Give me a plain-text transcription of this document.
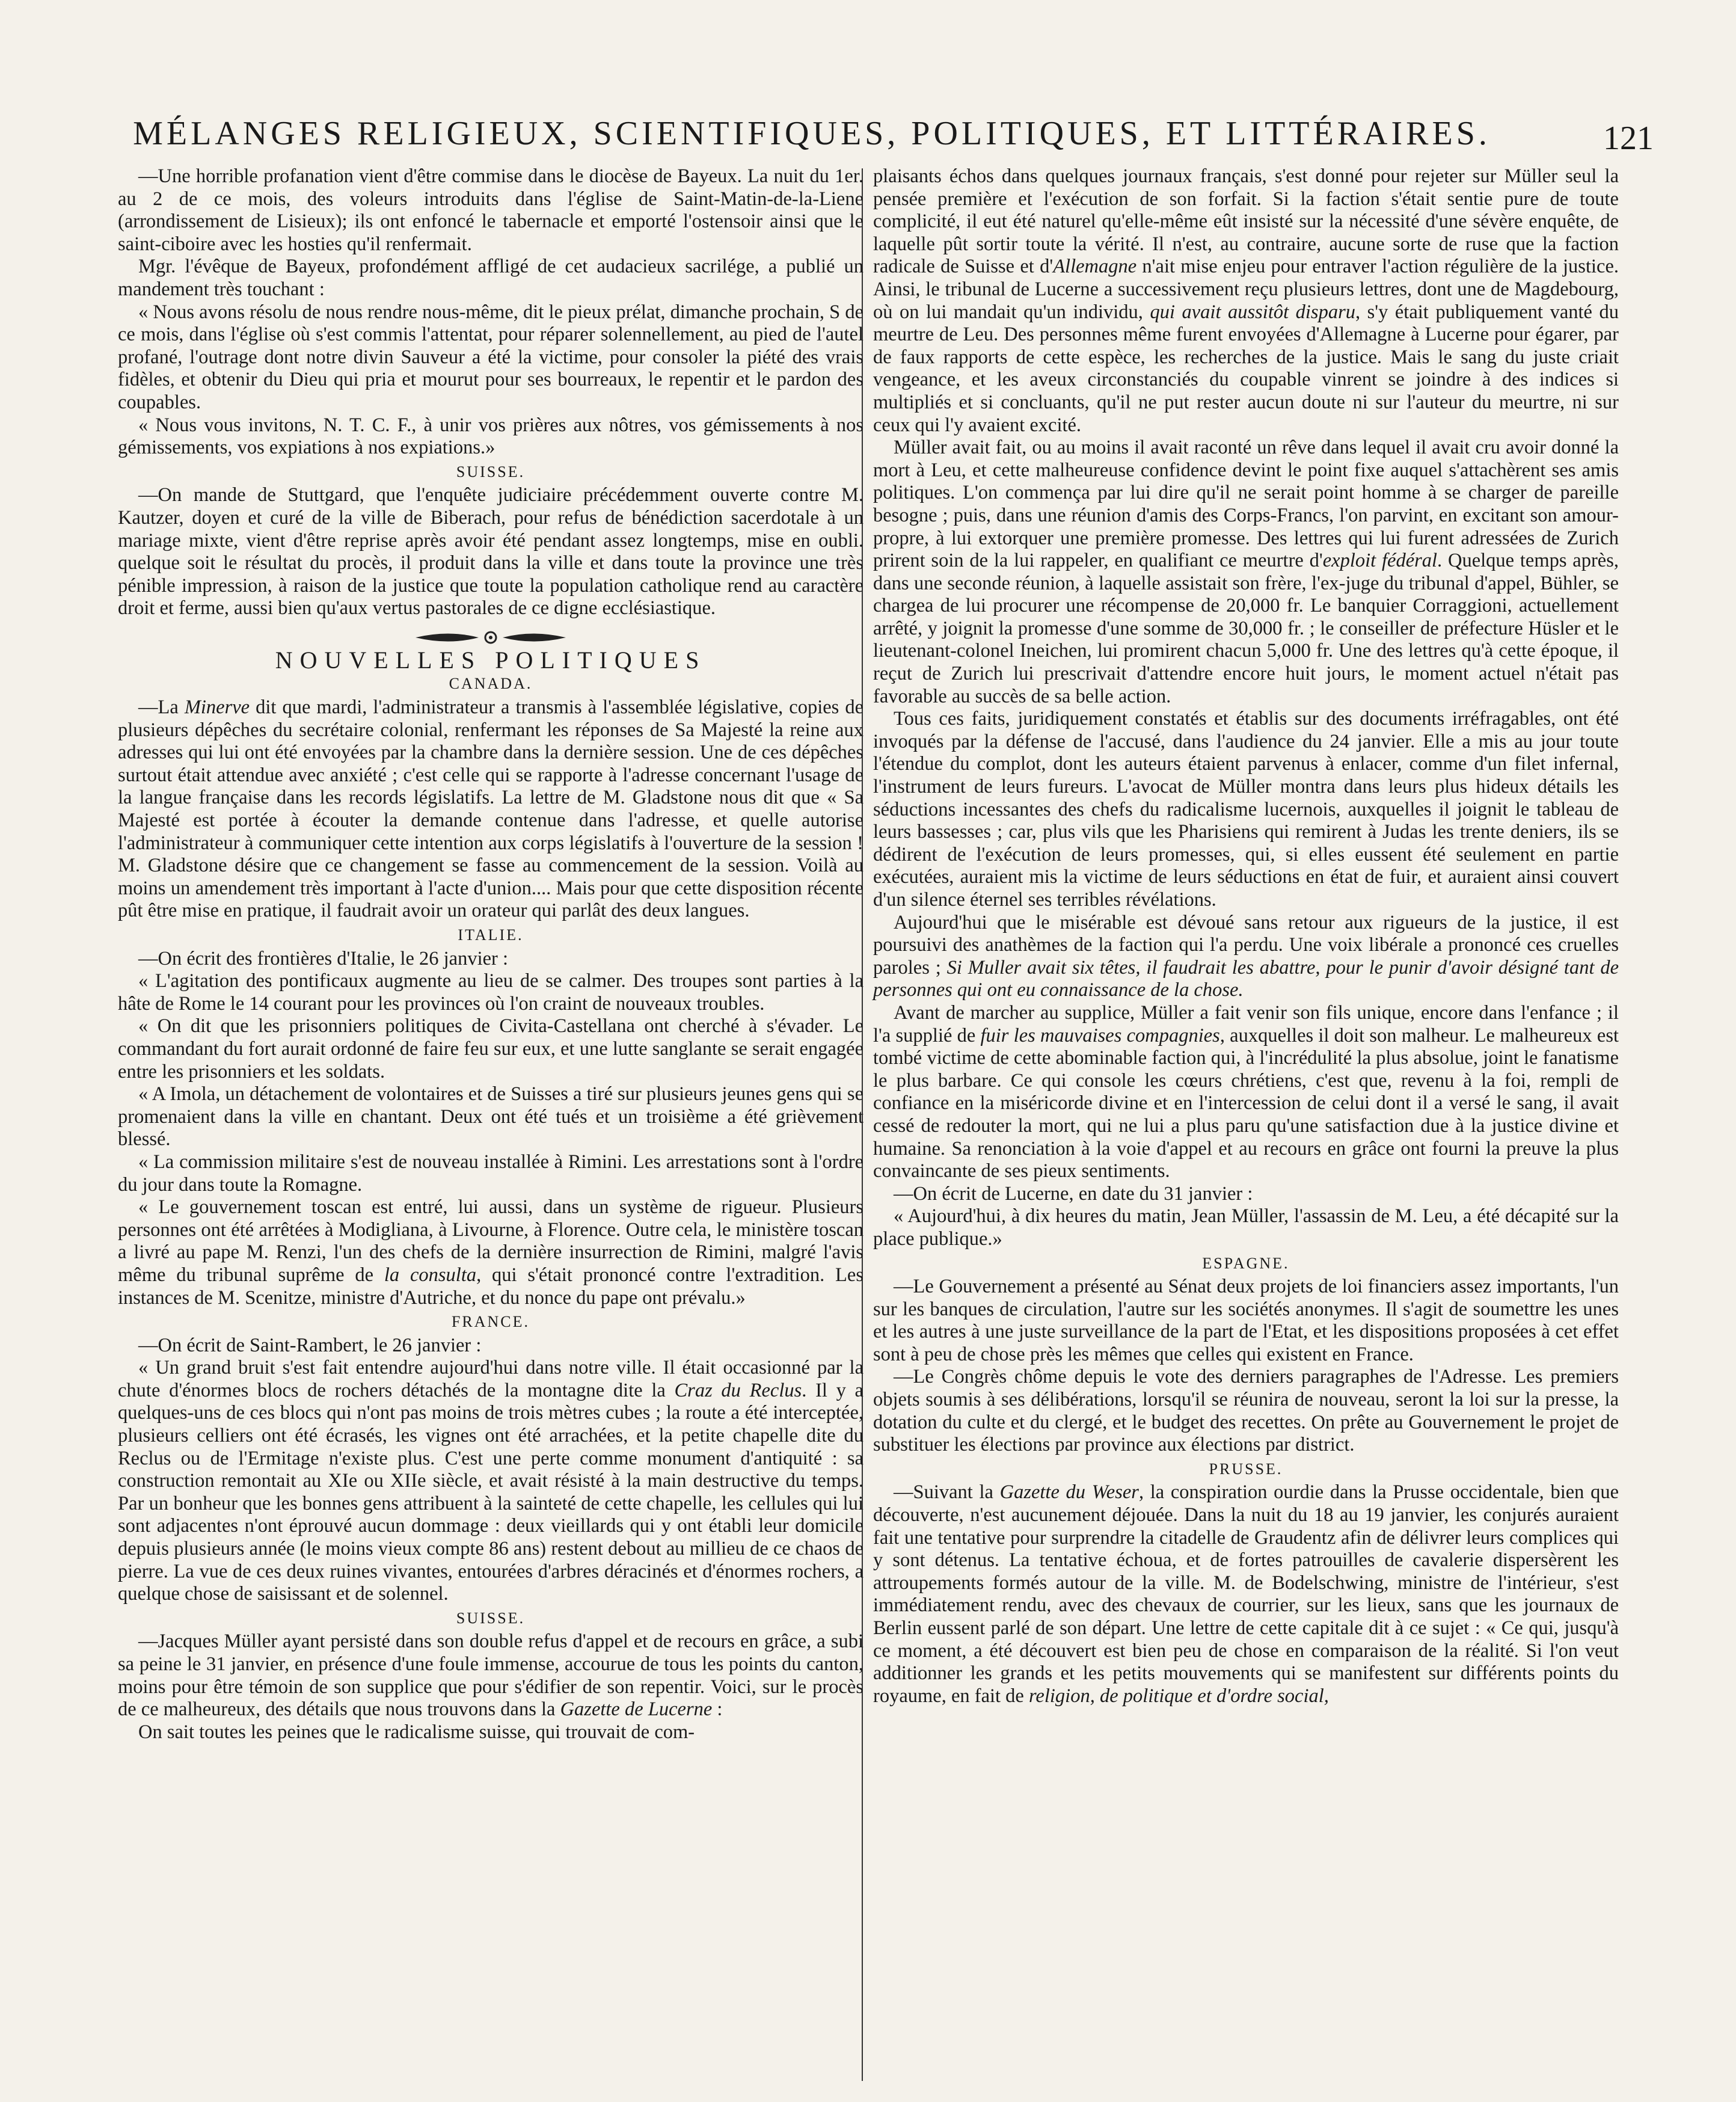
MÉLANGES RELIGIEUX, SCIENTIFIQUES, POLITIQUES, ET LITTÉRAIRES.	121

—Une horrible profanation vient d'être commise dans le diocèse de Bayeux. La nuit du 1er. au 2 de ce mois, des voleurs introduits dans l'église de Saint-Matin-de-la-Liene (arrondissement de Lisieux); ils ont enfoncé le tabernacle et emporté l'ostensoir ainsi que le saint-ciboire avec les hosties qu'il renfermait.

Mgr. l'évêque de Bayeux, profondément affligé de cet audacieux sacrilége, a publié un mandement très touchant :

« Nous avons résolu de nous rendre nous-même, dit le pieux prélat, dimanche prochain, S de ce mois, dans l'église où s'est commis l'attentat, pour réparer solennellement, au pied de l'autel profané, l'outrage dont notre divin Sauveur a été la victime, pour consoler la piété des vrais fidèles, et obtenir du Dieu qui pria et mourut pour ses bourreaux, le repentir et le pardon des coupables.

« Nous vous invitons, N. T. C. F., à unir vos prières aux nôtres, vos gémissements à nos gémissements, vos expiations à nos expiations.»

SUISSE.

—On mande de Stuttgard, que l'enquête judiciaire précédemment ouverte contre M. Kautzer, doyen et curé de la ville de Biberach, pour refus de bénédiction sacerdotale à un mariage mixte, vient d'être reprise après avoir été pendant assez longtemps, mise en oubli. quelque soit le résultat du procès, il produit dans la ville et dans toute la province une très pénible impression, à raison de la justice que toute la population catholique rend au caractère droit et ferme, aussi bien qu'aux vertus pastorales de ce digne ecclésiastique.

NOUVELLES POLITIQUES
CANADA.

—La Minerve dit que mardi, l'administrateur a transmis à l'assemblée législative, copies de plusieurs dépêches du secrétaire colonial, renfermant les réponses de Sa Majesté la reine aux adresses qui lui ont été envoyées par la chambre dans la dernière session. Une de ces dépêches surtout était attendue avec anxiété ; c'est celle qui se rapporte à l'adresse concernant l'usage de la langue française dans les records législatifs. La lettre de M. Gladstone nous dit que « Sa Majesté est portée à écouter la demande contenue dans l'adresse, et quelle autorise l'administrateur à communiquer cette intention aux corps législatifs à l'ouverture de la session ! M. Gladstone désire que ce changement se fasse au commencement de la session. Voilà au moins un amendement très important à l'acte d'union.... Mais pour que cette disposition récente pût être mise en pratique, il faudrait avoir un orateur qui parlât des deux langues.

ITALIE.

—On écrit des frontières d'Italie, le 26 janvier :

« L'agitation des pontificaux augmente au lieu de se calmer. Des troupes sont parties à la hâte de Rome le 14 courant pour les provinces où l'on craint de nouveaux troubles.

« On dit que les prisonniers politiques de Civita-Castellana ont cherché à s'évader. Le commandant du fort aurait ordonné de faire feu sur eux, et une lutte sanglante se serait engagée entre les prisonniers et les soldats.

« A Imola, un détachement de volontaires et de Suisses a tiré sur plusieurs jeunes gens qui se promenaient dans la ville en chantant. Deux ont été tués et un troisième a été grièvement blessé.

« La commission militaire s'est de nouveau installée à Rimini. Les arrestations sont à l'ordre du jour dans toute la Romagne.

« Le gouvernement toscan est entré, lui aussi, dans un système de rigueur. Plusieurs personnes ont été arrêtées à Modigliana, à Livourne, à Florence. Outre cela, le ministère toscan a livré au pape M. Renzi, l'un des chefs de la dernière insurrection de Rimini, malgré l'avis même du tribunal suprême de la consulta, qui s'était prononcé contre l'extradition. Les instances de M. Scenitze, ministre d'Autriche, et du nonce du pape ont prévalu.»

FRANCE.

—On écrit de Saint-Rambert, le 26 janvier :

« Un grand bruit s'est fait entendre aujourd'hui dans notre ville. Il était occasionné par la chute d'énormes blocs de rochers détachés de la montagne dite la Craz du Reclus. Il y a quelques-uns de ces blocs qui n'ont pas moins de trois mètres cubes ; la route a été interceptée, plusieurs celliers ont été écrasés, les vignes ont été arrachées, et la petite chapelle dite du Reclus ou de l'Ermitage n'existe plus. C'est une perte comme monument d'antiquité : sa construction remontait au XIe ou XIIe siècle, et avait résisté à la main destructive du temps. Par un bonheur que les bonnes gens attribuent à la sainteté de cette chapelle, les cellules qui lui sont adjacentes n'ont éprouvé aucun dommage : deux vieillards qui y ont établi leur domicile depuis plusieurs année (le moins vieux compte 86 ans) restent debout au millieu de ce chaos de pierre. La vue de ces deux ruines vivantes, entourées d'arbres déracinés et d'énormes rochers, a quelque chose de saisissant et de solennel.

SUISSE.

—Jacques Müller ayant persisté dans son double refus d'appel et de recours en grâce, a subi sa peine le 31 janvier, en présence d'une foule immense, accourue de tous les points du canton, moins pour être témoin de son supplice que pour s'édifier de son repentir. Voici, sur le procès de ce malheureux, des détails que nous trouvons dans la Gazette de Lucerne :

On sait toutes les peines que le radicalisme suisse, qui trouvait de com-

plaisants échos dans quelques journaux français, s'est donné pour rejeter sur Müller seul la pensée première et l'exécution de son forfait. Si la faction s'était sentie pure de toute complicité, il eut été naturel qu'elle-même eût insisté sur la nécessité d'une sévère enquête, de laquelle pût sortir toute la vérité. Il n'est, au contraire, aucune sorte de ruse que la faction radicale de Suisse et d'Allemagne n'ait mise enjeu pour entraver l'action régulière de la justice. Ainsi, le tribunal de Lucerne a successivement reçu plusieurs lettres, dont une de Magdebourg, où on lui mandait qu'un individu, qui avait aussitôt disparu, s'y était publiquement vanté du meurtre de Leu. Des personnes même furent envoyées d'Allemagne à Lucerne pour égarer, par de faux rapports de cette espèce, les recherches de la justice. Mais le sang du juste criait vengeance, et les aveux circonstanciés du coupable vinrent se joindre à des indices si multipliés et si concluants, qu'il ne put rester aucun doute ni sur l'auteur du meurtre, ni sur ceux qui l'y avaient excité.

Müller avait fait, ou au moins il avait raconté un rêve dans lequel il avait cru avoir donné la mort à Leu, et cette malheureuse confidence devint le point fixe auquel s'attachèrent ses amis politiques. L'on commença par lui dire qu'il ne serait point homme à se charger de pareille besogne ; puis, dans une réunion d'amis des Corps-Francs, l'on parvint, en excitant son amour-propre, à lui extorquer une première promesse. Des lettres qui lui furent adressées de Zurich prirent soin de la lui rappeler, en qualifiant ce meurtre d'exploit fédéral. Quelque temps après, dans une seconde réunion, à laquelle assistait son frère, l'ex-juge du tribunal d'appel, Bühler, se chargea de lui procurer une récompense de 20,000 fr. Le banquier Corraggioni, actuellement arrêté, y joignit la promesse d'une somme de 30,000 fr. ; le conseiller de préfecture Hüsler et le lieutenant-colonel Ineichen, lui promirent chacun 5,000 fr. Une des lettres qu'à cette époque, il reçut de Zurich lui prescrivait d'attendre encore huit jours, le moment actuel n'était pas favorable au succès de sa belle action.

Tous ces faits, juridiquement constatés et établis sur des documents irréfragables, ont été invoqués par la défense de l'accusé, dans l'audience du 24 janvier. Elle a mis au jour toute l'étendue du complot, dont les auteurs étaient parvenus à enlacer, comme d'un filet infernal, l'instrument de leurs fureurs. L'avocat de Müller montra dans leurs plus hideux détails les séductions incessantes des chefs du radicalisme lucernois, auxquelles il joignit le tableau de leurs bassesses ; car, plus vils que les Pharisiens qui remirent à Judas les trente deniers, ils se dédirent de l'exécution de leurs promesses, qui, si elles eussent été seulement en partie exécutées, auraient mis la victime de leurs séductions en état de fuir, et auraient ainsi couvert d'un silence éternel ses terribles révélations.

Aujourd'hui que le misérable est dévoué sans retour aux rigueurs de la justice, il est poursuivi des anathèmes de la faction qui l'a perdu. Une voix libérale a prononcé ces cruelles paroles ; Si Muller avait six têtes, il faudrait les abattre, pour le punir d'avoir désigné tant de personnes qui ont eu connaissance de la chose.

Avant de marcher au supplice, Müller a fait venir son fils unique, encore dans l'enfance ; il l'a supplié de fuir les mauvaises compagnies, auxquelles il doit son malheur. Le malheureux est tombé victime de cette abominable faction qui, à l'incrédulité la plus absolue, joint le fanatisme le plus barbare. Ce qui console les cœurs chrétiens, c'est que, revenu à la foi, rempli de confiance en la miséricorde divine et en l'intercession de celui dont il a versé le sang, il avait cessé de redouter la mort, qui ne lui a plus paru qu'une satisfaction due à la justice divine et humaine. Sa renonciation à la voie d'appel et au recours en grâce ont fourni la preuve la plus convaincante de ses pieux sentiments.

—On écrit de Lucerne, en date du 31 janvier :

« Aujourd'hui, à dix heures du matin, Jean Müller, l'assassin de M. Leu, a été décapité sur la place publique.»

ESPAGNE.

—Le Gouvernement a présenté au Sénat deux projets de loi financiers assez importants, l'un sur les banques de circulation, l'autre sur les sociétés anonymes. Il s'agit de soumettre les unes et les autres à une juste surveillance de la part de l'Etat, et les dispositions proposées à cet effet sont à peu de chose près les mêmes que celles qui existent en France.

—Le Congrès chôme depuis le vote des derniers paragraphes de l'Adresse. Les premiers objets soumis à ses délibérations, lorsqu'il se réunira de nouveau, seront la loi sur la presse, la dotation du culte et du clergé, et le budget des recettes. On prête au Gouvernement le projet de substituer les élections par province aux élections par district.

PRUSSE.

—Suivant la Gazette du Weser, la conspiration ourdie dans la Prusse occidentale, bien que découverte, n'est aucunement déjouée. Dans la nuit du 18 au 19 janvier, les conjurés auraient fait une tentative pour surprendre la citadelle de Graudentz afin de délivrer leurs complices qui y sont détenus. La tentative échoua, et de fortes patrouilles de cavalerie dispersèrent les attroupements formés autour de la ville. M. de Bodelschwing, ministre de l'intérieur, s'est immédiatement rendu, avec des chevaux de courrier, sur les lieux, sans que les journaux de Berlin eussent parlé de son départ. Une lettre de cette capitale dit à ce sujet : « Ce qui, jusqu'à ce moment, a été découvert est bien peu de chose en comparaison de la réalité. Si l'on veut additionner les grands et les petits mouvements qui se manifestent sur différents points du royaume, en fait de religion, de politique et d'ordre social,
